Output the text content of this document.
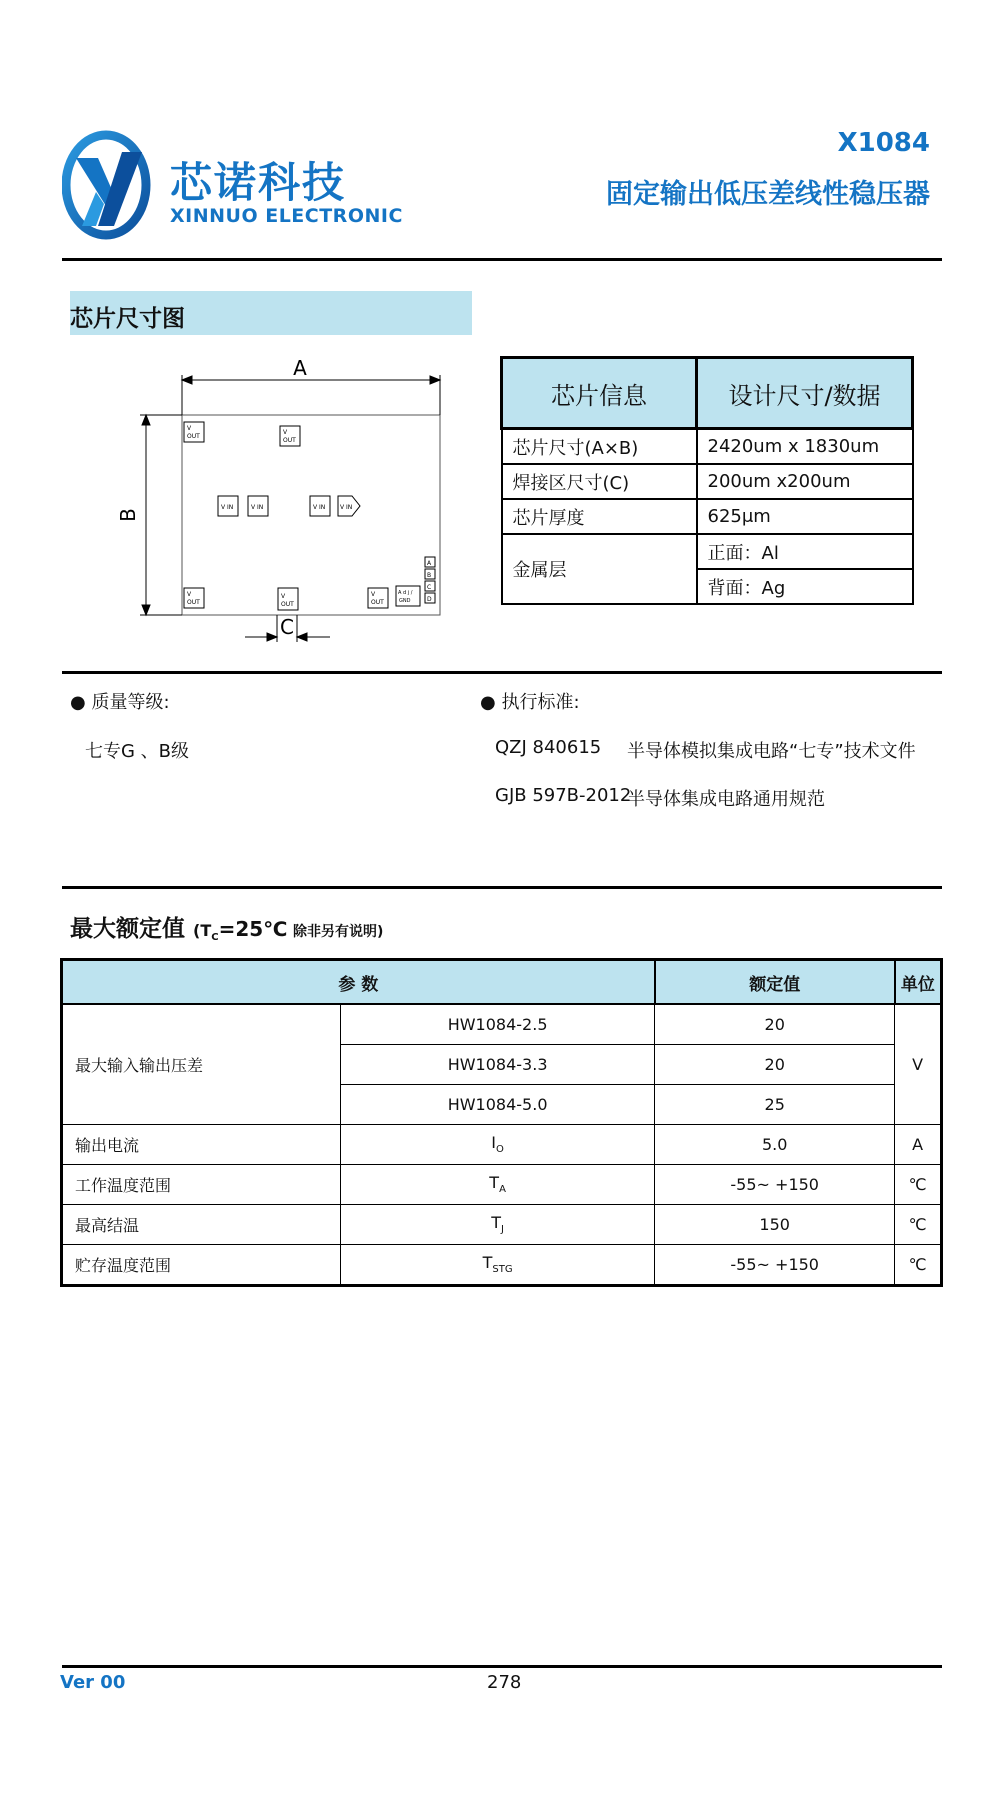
芯诺科技
XINNUO ELECTRONIC
X1084
固定输出低压差线性稳压器
芯片尺寸图
A
B
C
V
OUT
V
OUT
V IN	V IN	V IN V IN
V
OUT
V
OUT
V
OUT
A d j /
GND
A
B
C
D
芯片信息	设计尺寸/数据
芯片尺寸(A×B)	2420um x 1830um
焊接区尺寸(C)	200um x200um
芯片厚度	625μm
金属层	正面：Al
	背面：Ag
● 质量等级:
七专G 、B级
● 执行标准:
QZJ 840615 半导体模拟集成电路“七专”技术文件
GJB 597B-2012
半导体集成电路通用规范
最大额定值 ($T_C=25℃$ 除非另有说明)
参 数		额定值	单位
最大输入输出压差	HW1084-2.5	20	V
	HW1084-3.3	20	
	HW1084-5.0	25	
输出电流	$I_O$	5.0	A
工作温度范围	$T_A$	-55~ +150	℃
最高结温	$T_J$	150	℃
贮存温度范围	$T_{STG}$	-55~ +150	℃
Ver 00	278
